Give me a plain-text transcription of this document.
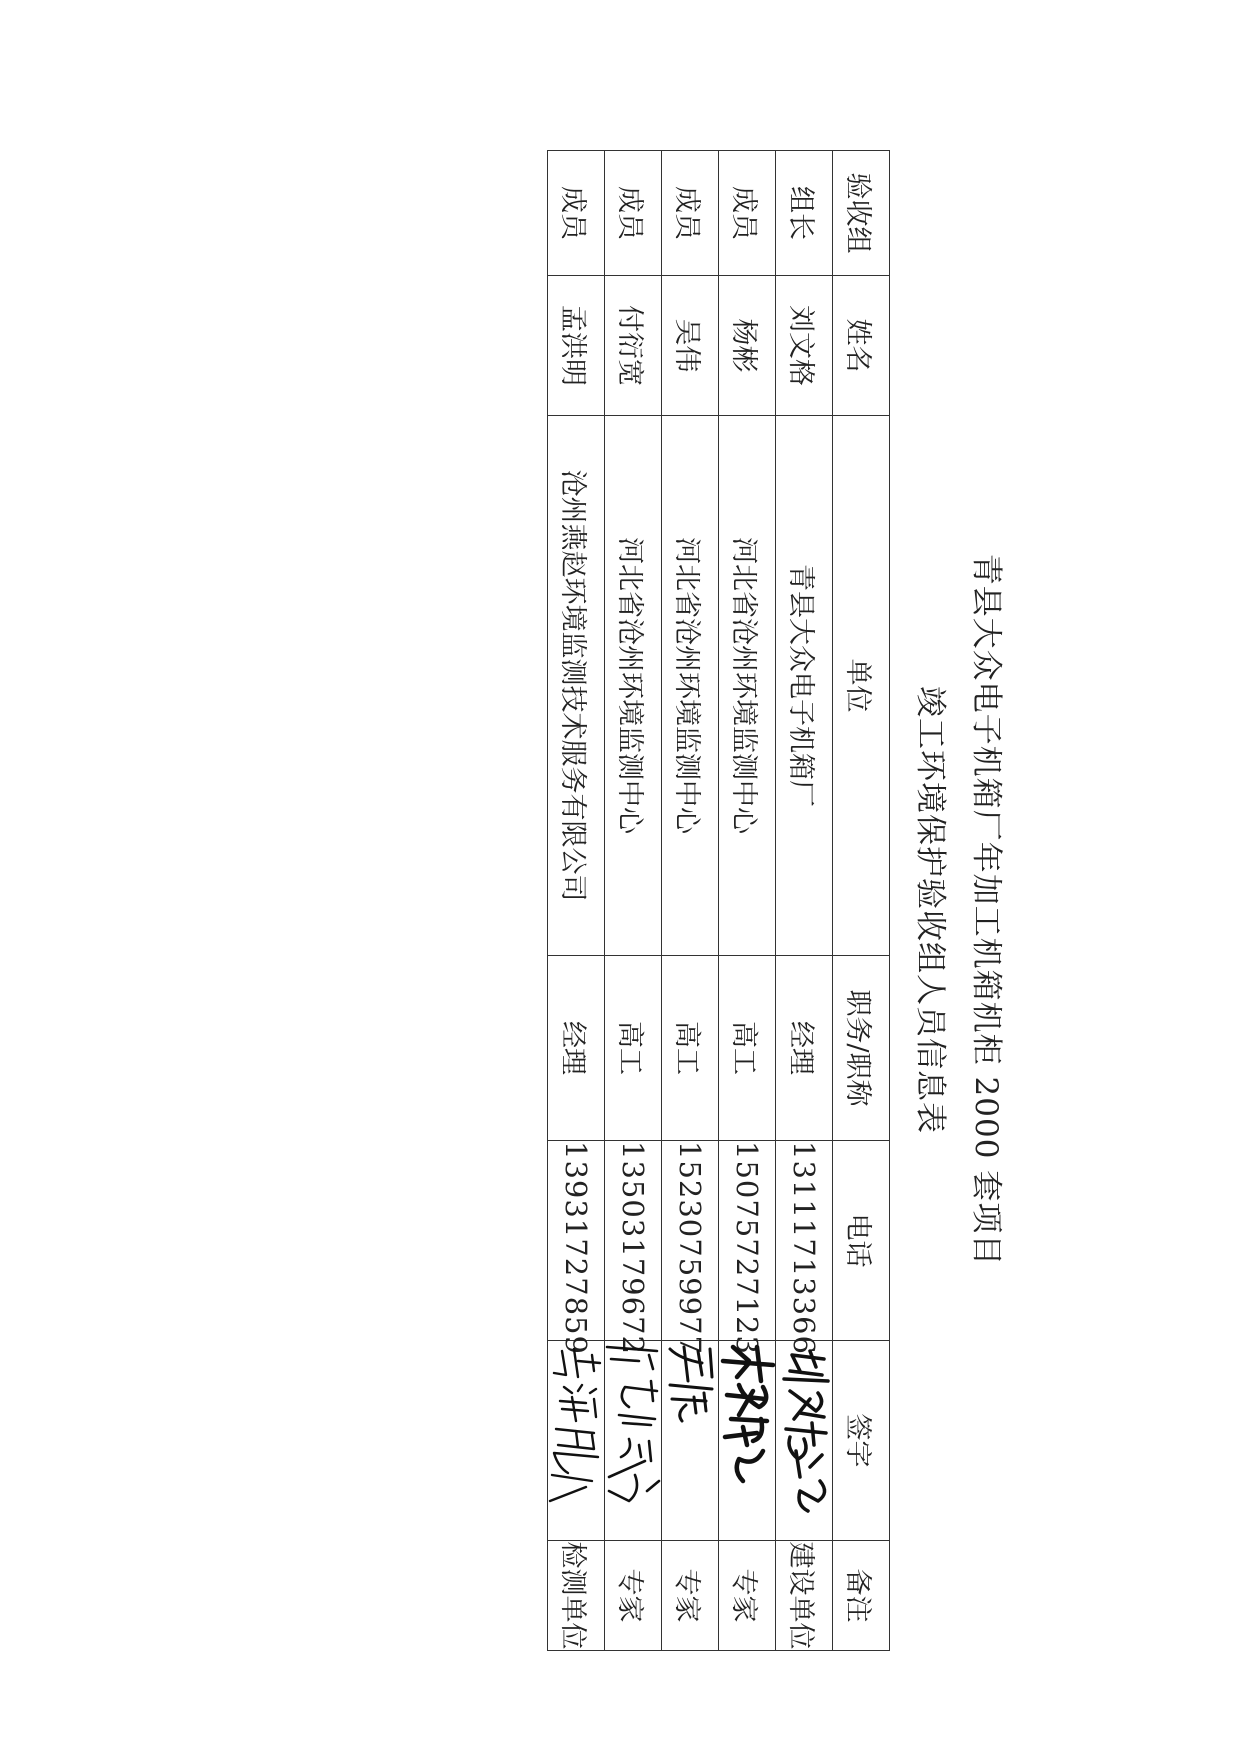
青县大众电子机箱厂年加工机箱机柜 2000 套项目
竣工环境保护验收组人员信息表
验收组	姓名	单位	职务/职称	电话	签字	备注
组长	刘文格	青县大众电子机箱厂	经理	13111713366		建设单位
成员	杨彬	河北省沧州环境监测中心	高工	15075727123		专家
成员	吴伟	河北省沧州环境监测中心	高工	15230759977		专家
成员	付衍宽	河北省沧州环境监测中心	高工	13503179672		专家
成员	孟洪明	沧州燕赵环境监测技术服务有限公司	经理	13931727859		检测单位
